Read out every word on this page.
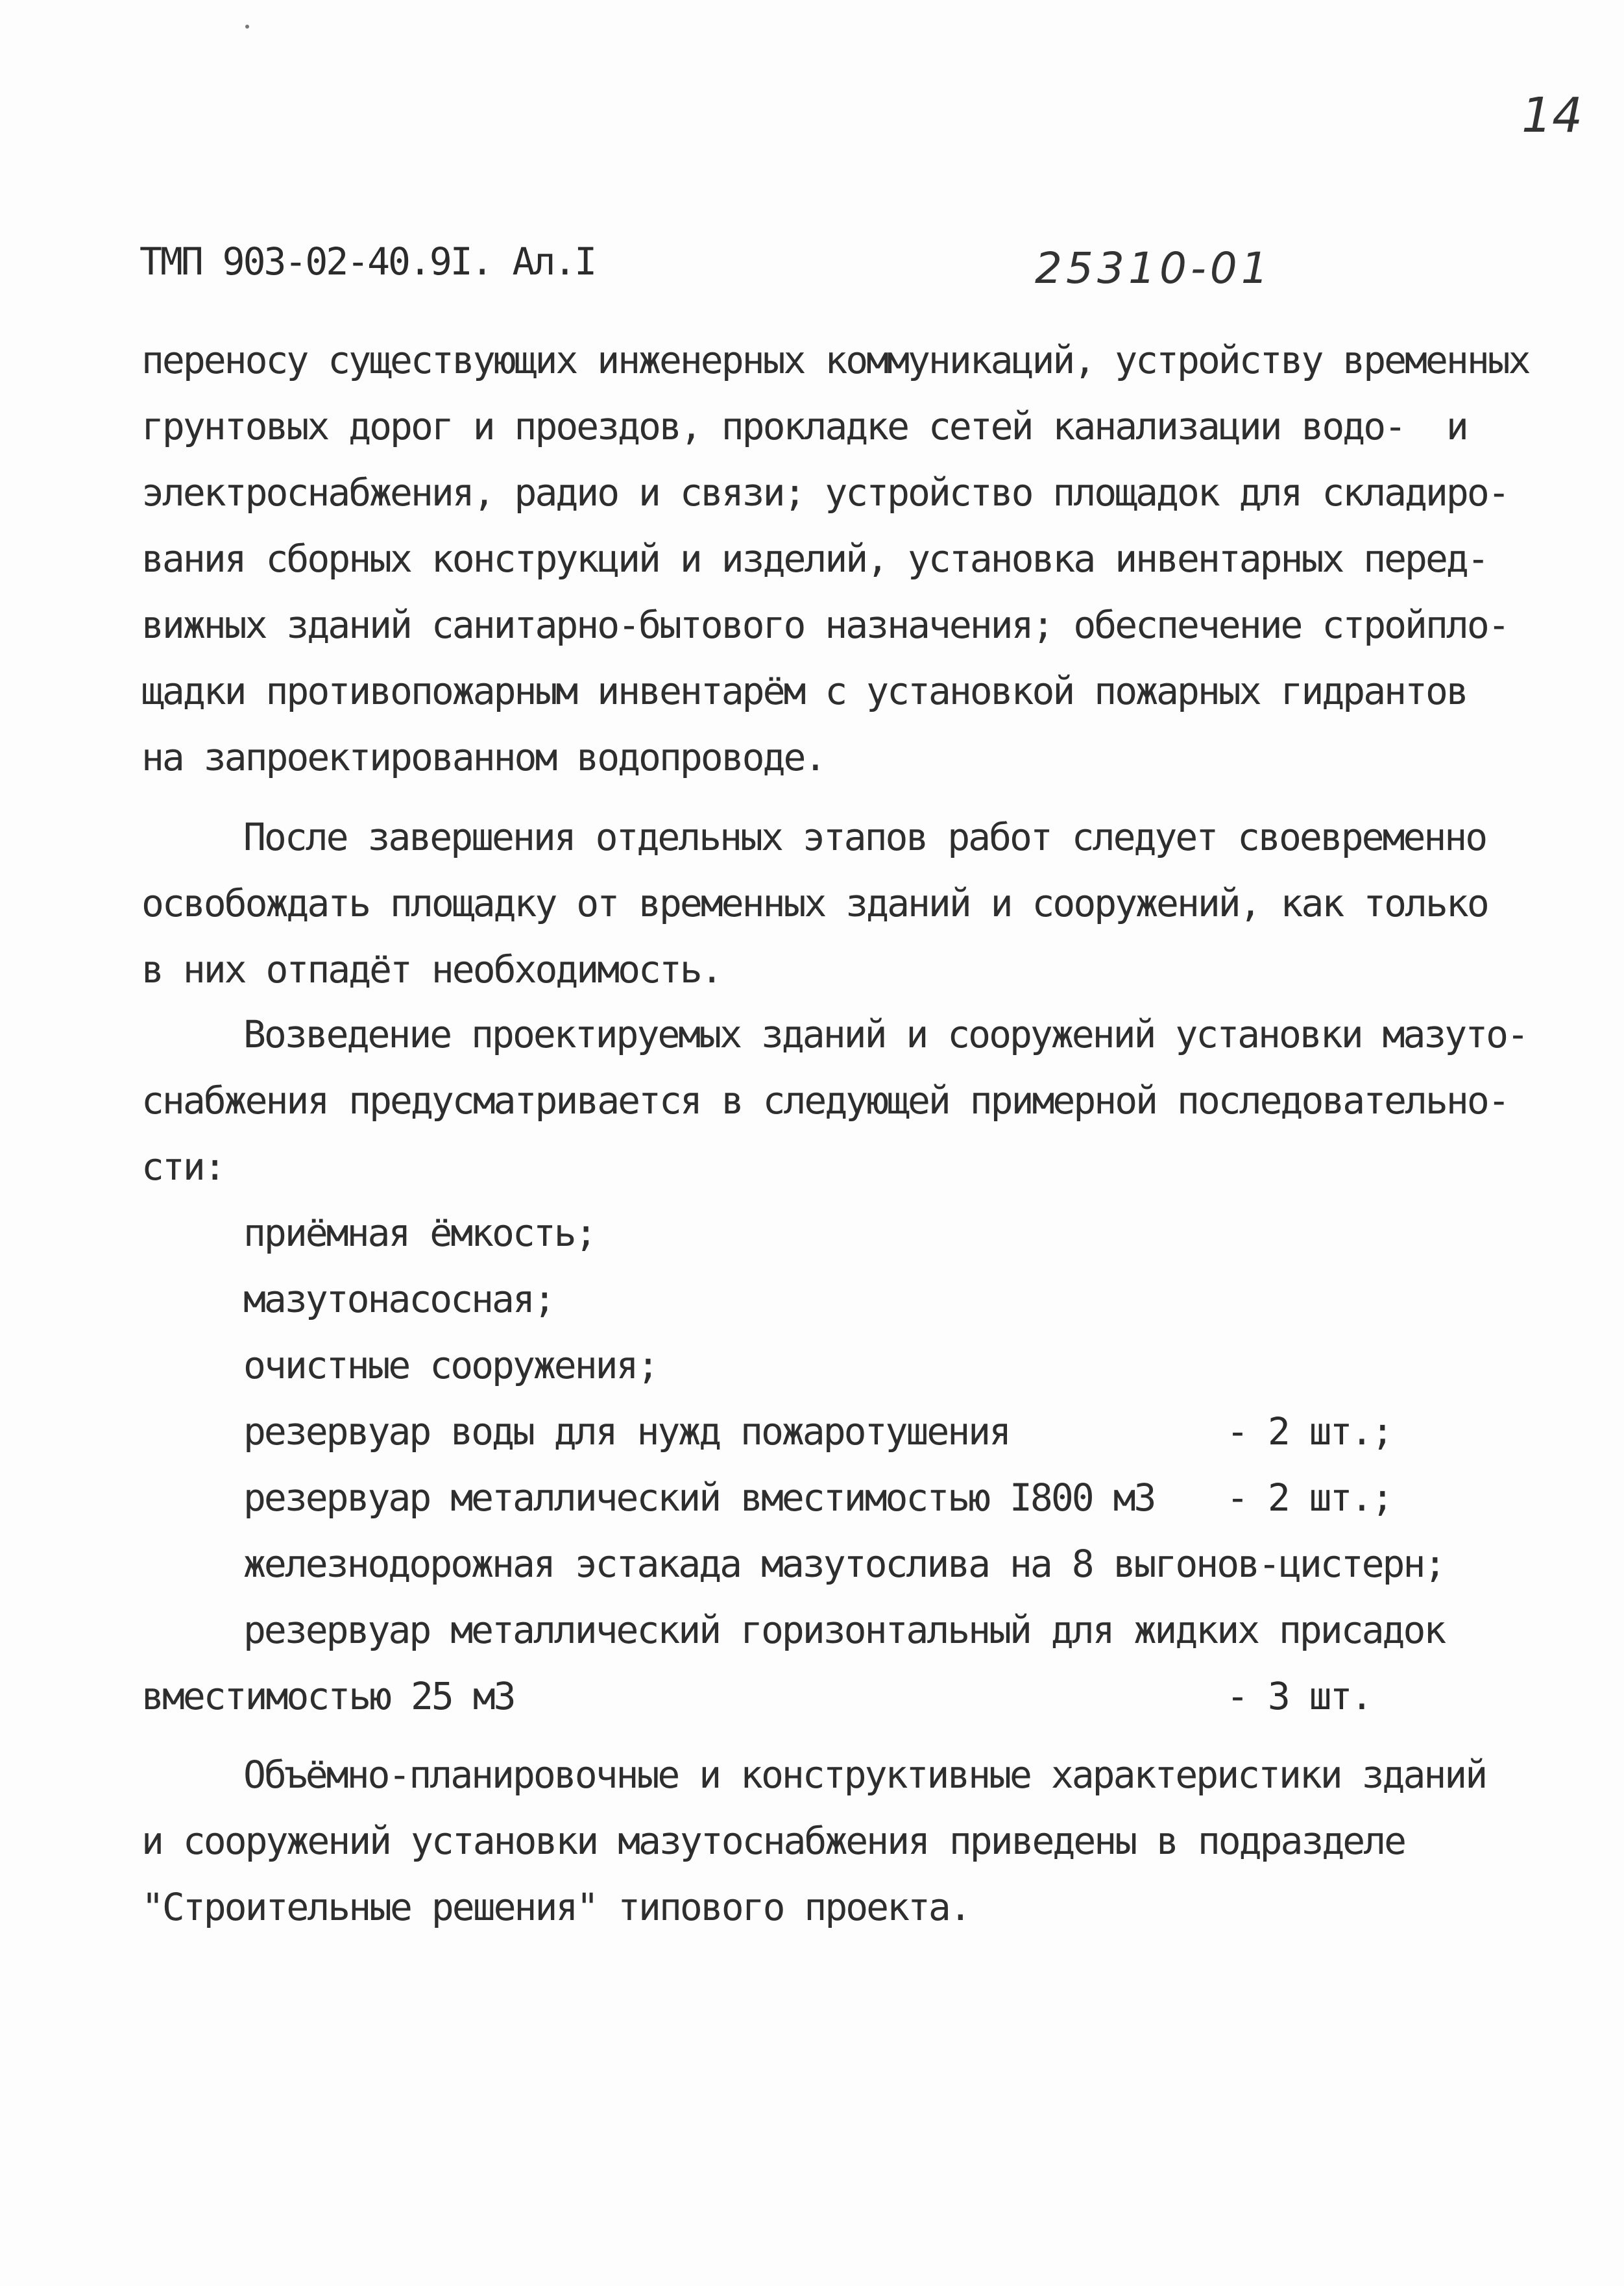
14
ТМП 903-02-40.9I. Ал.I	25310-01
переносу существующих инженерных коммуникаций, устройству временных
грунтовых дорог и проездов, прокладке сетей канализации водо-  и
электроснабжения, радио и связи; устройство площадок для складиро-
вания сборных конструкций и изделий, установка инвентарных перед-
вижных зданий санитарно-бытового назначения; обеспечение стройпло-
щадки противопожарным инвентарём с установкой пожарных гидрантов
на запроектированном водопроводе.
После завершения отдельных этапов работ следует своевременно
освобождать площадку от временных зданий и сооружений, как только
в них отпадёт необходимость.
Возведение проектируемых зданий и сооружений установки мазуто-
снабжения предусматривается в следующей примерной последовательно-
сти:
приёмная ёмкость;
мазутонасосная;
очистные сооружения;
резервуар воды для нужд пожаротушения	- 2 шт.;
резервуар металлический вместимостью I800 м3 - 2 шт.;
железнодорожная эстакада мазутослива на 8 выгонов-цистерн;
резервуар металлический горизонтальный для жидких присадок
вместимостью 25 м3	- 3 шт.
Объёмно-планировочные и конструктивные характеристики зданий
и сооружений установки мазутоснабжения приведены в подразделе
"Строительные решения" типового проекта.
